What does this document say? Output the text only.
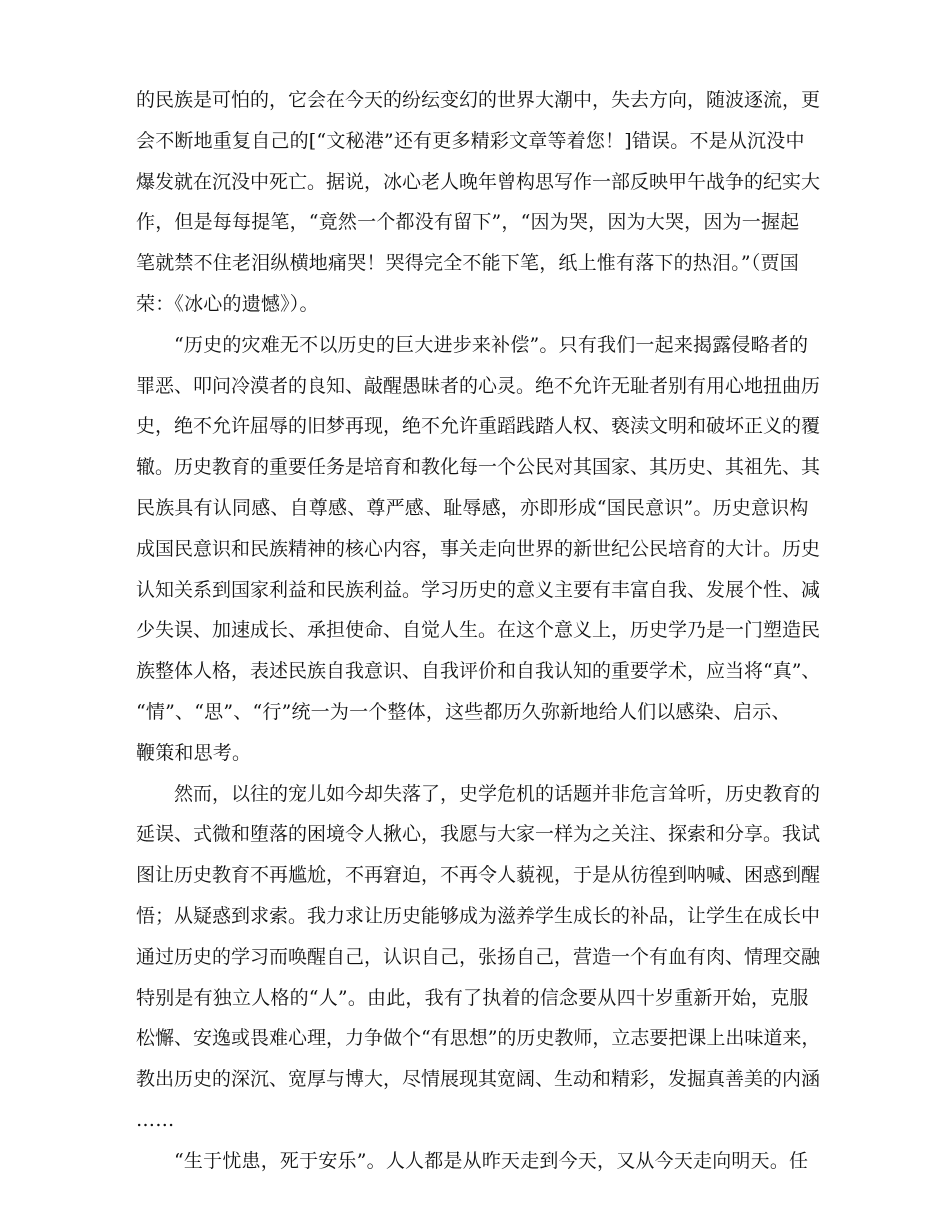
的民族是可怕的，它会在今天的纷纭变幻的世界大潮中，失去方向，随波逐流，更
会不断地重复自己的[“文秘港”还有更多精彩文章等着您！]错误。不是从沉没中
爆发就在沉没中死亡。据说，冰心老人晚年曾构思写作一部反映甲午战争的纪实大
作，但是每每提笔，“竟然一个都没有留下”，“因为哭，因为大哭，因为一握起
笔就禁不住老泪纵横地痛哭！哭得完全不能下笔，纸上惟有落下的热泪。”（贾国
荣：《冰心的遗憾》）。
“历史的灾难无不以历史的巨大进步来补偿”。只有我们一起来揭露侵略者的
罪恶、叩问冷漠者的良知、敲醒愚昧者的心灵。绝不允许无耻者别有用心地扭曲历
史，绝不允许屈辱的旧梦再现，绝不允许重蹈践踏人权、亵渎文明和破坏正义的覆
辙。历史教育的重要任务是培育和教化每一个公民对其国家、其历史、其祖先、其
民族具有认同感、自尊感、尊严感、耻辱感，亦即形成“国民意识”。历史意识构
成国民意识和民族精神的核心内容，事关走向世界的新世纪公民培育的大计。历史
认知关系到国家利益和民族利益。学习历史的意义主要有丰富自我、发展个性、减
少失误、加速成长、承担使命、自觉人生。在这个意义上，历史学乃是一门塑造民
族整体人格，表述民族自我意识、自我评价和自我认知的重要学术，应当将“真”、
“情”、“思”、“行”统一为一个整体，这些都历久弥新地给人们以感染、启示、
鞭策和思考。
然而，以往的宠儿如今却失落了，史学危机的话题并非危言耸听，历史教育的
延误、式微和堕落的困境令人揪心，我愿与大家一样为之关注、探索和分享。我试
图让历史教育不再尴尬，不再窘迫，不再令人藐视，于是从彷徨到呐喊、困惑到醒
悟；从疑惑到求索。我力求让历史能够成为滋养学生成长的补品，让学生在成长中
通过历史的学习而唤醒自己，认识自己，张扬自己，营造一个有血有肉、情理交融
特别是有独立人格的“人”。由此，我有了执着的信念要从四十岁重新开始，克服
松懈、安逸或畏难心理，力争做个“有思想”的历史教师，立志要把课上出味道来，
教出历史的深沉、宽厚与博大，尽情展现其宽阔、生动和精彩，发掘真善美的内涵
……
“生于忧患，死于安乐”。人人都是从昨天走到今天，又从今天走向明天。任
